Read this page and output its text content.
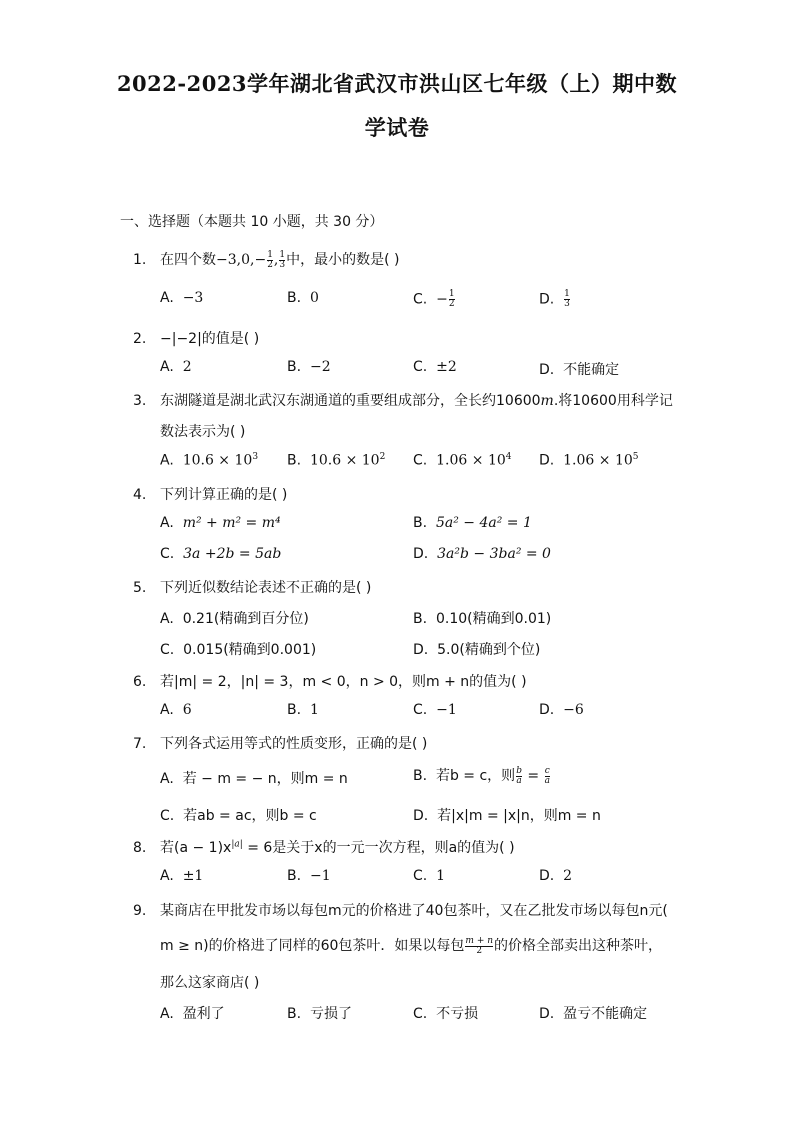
2022-2023学年湖北省武汉市洪山区七年级（上）期中数
学试卷
一、选择题（本题共 10 小题，共 30 分）
1. 在四个数$-3,0,- \frac{1}{2}$ , $\frac{1}{3}$ 中，最小的数是( )
A. −3	B. 0	C. − $\frac{1}{2}$	D. $\frac{1}{3}$
2. −|−2|的值是( )
A. 2	B. −2	C. ±2	D. 不能确定
3. 东湖隧道是湖北武汉东湖通道的重要组成部分，全长约10600m.将10600用科学记
数法表示为( )
A. $10.6 \times 10^3$ B. $10.6 \times 10^2$ C. $1.06 \times 10^4$ D. $1.06 \times 10^5$
4. 下列计算正确的是( )
A. m² + m² = m⁴	B. 5a² − 4a² = 1
C. 3a +2b = 5ab	D. 3a²b − 3ba² = 0
5. 下列近似数结论表述不正确的是( )
A. 0.21(精确到百分位)	B. 0.10(精确到0.01)
C. 0.015(精确到0.001)	D. 5.0(精确到个位)
6. 若|m| = 2，|n| = 3，m < 0，n > 0，则m + n的值为( )
A. 6	B. 1	C. −1	D. −6
7. 下列各式运用等式的性质变形，正确的是( )
A. 若 − m = − n，则m = n	B. 若b = c，则 $\frac{b}{a} = \frac{c}{a}$
C. 若ab = ac，则b = c	D. 若|x|m = |x|n，则m = n
8. 若$(a - 1)x^{|a|} = 6$是关于x的一元一次方程，则a的值为( )
A. ±1	B. −1	C. 1	D. 2
9. 某商店在甲批发市场以每包m元的价格进了40包茶叶，又在乙批发市场以每包n元(
m ≥ n)的价格进了同样的60包茶叶．如果以每包 $\frac{m + n}{2}$ 的价格全部卖出这种茶叶，
那么这家商店( )
A. 盈利了	B. 亏损了	C. 不亏损	D. 盈亏不能确定
